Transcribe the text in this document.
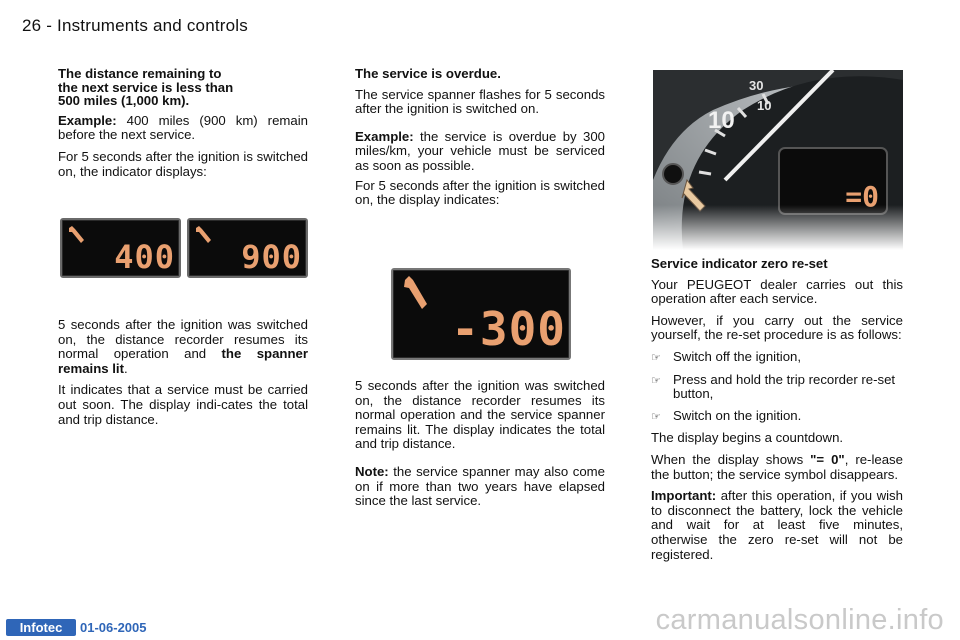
26 - Instruments and controls
The distance remaining to
the next service is less than
500 miles (1,000 km).

Example: 400 miles (900 km) remain before the next service.

For 5 seconds after the ignition is switched on, the indicator displays:

400 900

5 seconds after the ignition was switched on, the distance recorder resumes its normal operation and the spanner remains lit.

It indicates that a service must be carried out soon. The display indi-cates the total and trip distance.

The service is overdue.

The service spanner flashes for 5 seconds after the ignition is switched on.

Example: the service is overdue by 300 miles/km, your vehicle must be serviced as soon as possible.

For 5 seconds after the ignition is switched on, the display indicates:

-300

5 seconds after the ignition was switched on, the distance recorder resumes its normal operation and the service spanner remains lit. The display indicates the total and trip distance.

Note: the service spanner may also come on if more than two years have elapsed since the last service.

Service indicator zero re-set

Your PEUGEOT dealer carries out this operation after each service.

However, if you carry out the service yourself, the re-set procedure is as follows:

☞ Switch off the ignition,
☞ Press and hold the trip recorder re-set button,
☞ Switch on the ignition.

The display begins a countdown.

When the display shows "= 0", re-lease the button; the service symbol disappears.

Important: after this operation, if you wish to disconnect the battery, lock the vehicle and wait for at least five minutes, otherwise the zero re-set will not be registered.

Infotec	01-06-2005	carmanualsonline.info
